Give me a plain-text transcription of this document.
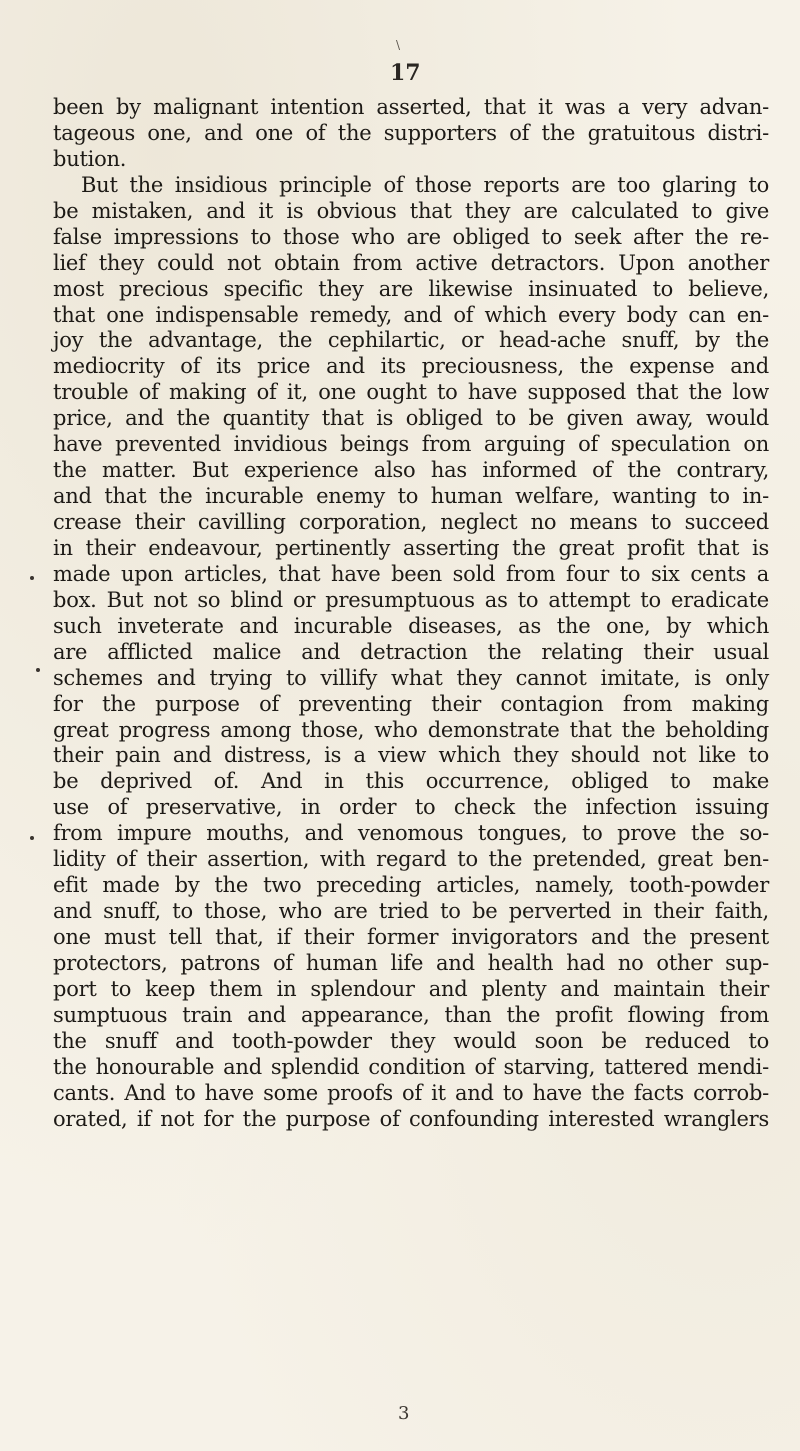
\
17
been by malignant intention asserted, that it was a very advan-
tageous one, and one of the supporters of the gratuitous distri-
bution.
But the insidious principle of those reports are too glaring to
be mistaken, and it is obvious that they are calculated to give
false impressions to those who are obliged to seek after the re-
lief they could not obtain from active detractors. Upon another
most precious specific they are likewise insinuated to believe,
that one indispensable remedy, and of which every body can en-
joy the advantage, the cephilartic, or head-ache snuff, by the
mediocrity of its price and its preciousness, the expense and
trouble of making of it, one ought to have supposed that the low
price, and the quantity that is obliged to be given away, would
have prevented invidious beings from arguing of speculation on
the matter. But experience also has informed of the contrary,
and that the incurable enemy to human welfare, wanting to in-
crease their cavilling corporation, neglect no means to succeed
in their endeavour, pertinently asserting the great profit that is
made upon articles, that have been sold from four to six cents a
box. But not so blind or presumptuous as to attempt to eradicate
such inveterate and incurable diseases, as the one, by which
are afflicted malice and detraction the relating their usual
schemes and trying to villify what they cannot imitate, is only
for the purpose of preventing their contagion from making
great progress among those, who demonstrate that the beholding
their pain and distress, is a view which they should not like to
be deprived of. And in this occurrence, obliged to make
use of preservative, in order to check the infection issuing
from impure mouths, and venomous tongues, to prove the so-
lidity of their assertion, with regard to the pretended, great ben-
efit made by the two preceding articles, namely, tooth-powder
and snuff, to those, who are tried to be perverted in their faith,
one must tell that, if their former invigorators and the present
protectors, patrons of human life and health had no other sup-
port to keep them in splendour and plenty and maintain their
sumptuous train and appearance, than the profit flowing from
the snuff and tooth-powder they would soon be reduced to
the honourable and splendid condition of starving, tattered mendi-
cants. And to have some proofs of it and to have the facts corrob-
orated, if not for the purpose of confounding interested wranglers
3
